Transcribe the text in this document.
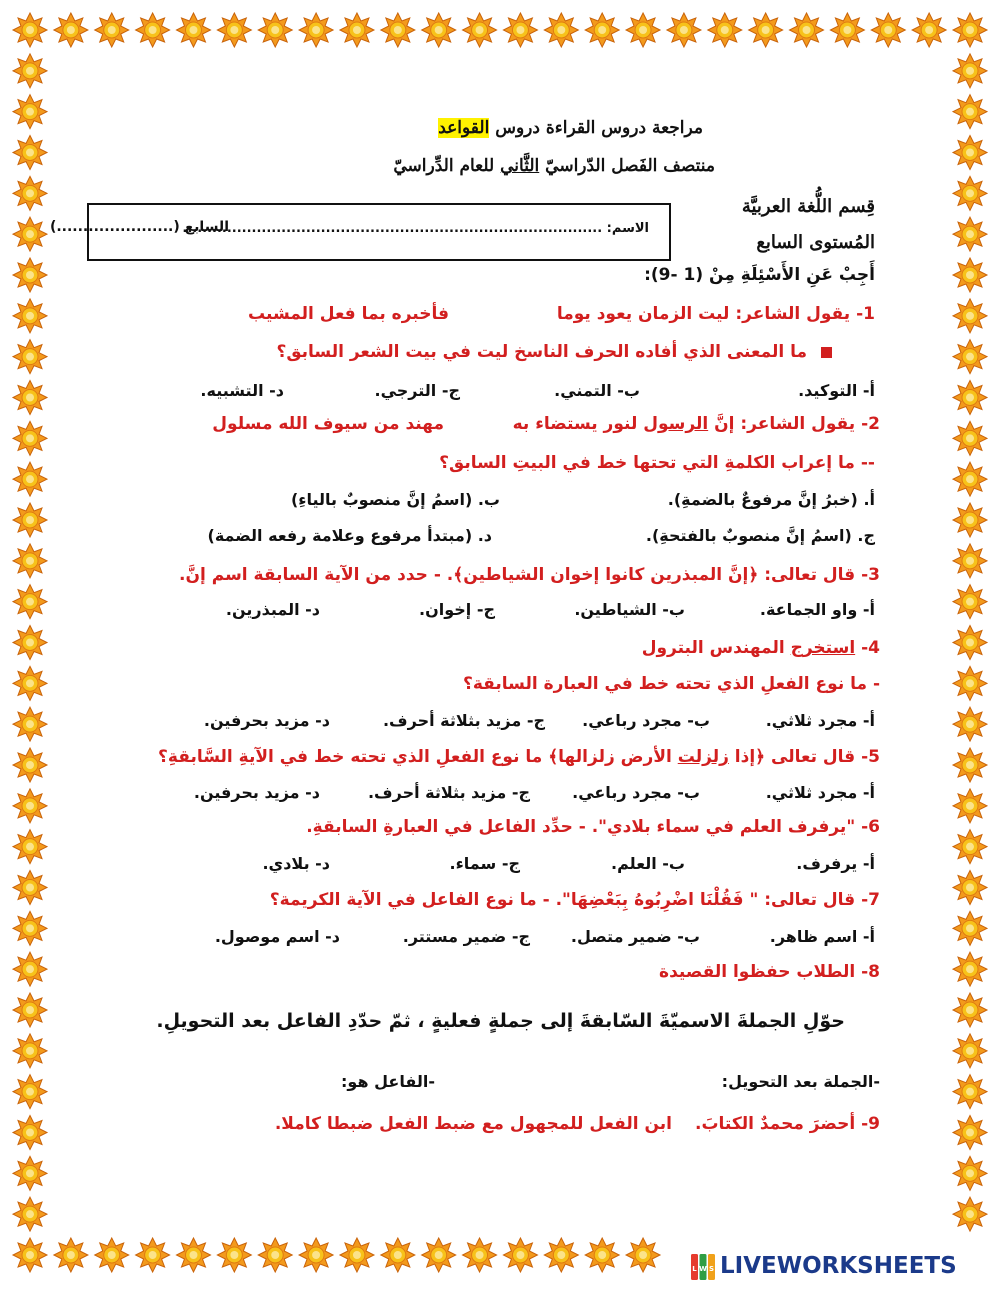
مراجعة دروس القراءة دروس القواعد
منتصف الفَصل الدّراسيّ الثَّاني للعام الدِّراسيّ
قِسم اللُّغة العربيَّة
المُستوى السابع
الاسم: .....................................................................................
السابع (......................)
أَجِبْ عَنِ الأَسْئِلَةِ مِنْ (1 -9):
1- يقول الشاعر: ليت الزمان يعود يوما
فأخبره بما فعل المشيب
ما المعنى الذي أفاده الحرف الناسخ ليت في بيت الشعر السابق؟
أ- التوكيد.
ب- التمني.
ج- الترجي.
د- التشبيه.
2- يقول الشاعر: إنَّ الرسول لنور يستضاء به
مهند من سيوف الله مسلول
-- ما إعراب الكلمةِ التي تحتها خط في البيتِ السابق؟
أ. (خبرُ إنَّ مرفوعٌ بالضمةِ).
ب. (اسمُ إنَّ منصوبٌ بالياءِ)
ج. (اسمُ إنَّ منصوبٌ بالفتحةِ).
د. (مبتدأ مرفوع وعلامة رفعه الضمة)
3- قال تعالى: ﴿إنَّ المبذرين كانوا إخوان الشياطين﴾. - حدد من الآية السابقة اسم إنَّ.
أ- واو الجماعة.
ب- الشياطين.
ج- إخوان.
د- المبذرين.
4- استخرج المهندس البترول
- ما نوع الفعلِ الذي تحته خط في العبارة السابقة؟
أ- مجرد ثلاثي.
ب- مجرد رباعي.
ج- مزيد بثلاثة أحرف.
د- مزيد بحرفين.
5- قال تعالى ﴿إذا زلزلت الأرض زلزالها﴾ ما نوع الفعلِ الذي تحته خط في الآيةِ السَّابقةِ؟
أ- مجرد ثلاثي.
ب- مجرد رباعي.
ج- مزيد بثلاثة أحرف.
د- مزيد بحرفين.
6- "يرفرف العلم في سماء بلادي". - حدِّد الفاعل في العبارةِ السابقةِ.
أ- يرفرف.
ب- العلم.
ج- سماء.
د- بلادي.
7- قال تعالى: " فَقُلْنَا اضْرِبُوهُ بِبَعْضِهَا". - ما نوع الفاعل في الآية الكريمة؟
أ- اسم ظاهر.
ب- ضمير متصل.
ج- ضمير مستتر.
د- اسم موصول.
8- الطلاب حفظوا القصيدة
حوّلِ الجملةَ الاسميّةَ السّابقةَ إلى جملةٍ فعليةٍ ، ثمّ حدّدِ الفاعل بعد التحويلِ.
-الجملة بعد التحويل:
-الفاعل هو:
9- أحضرَ محمدٌ الكتابَ.
ابن الفعل للمجهول مع ضبط الفعل ضبطا كاملا.
L W S LIVEWORKSHEETS
